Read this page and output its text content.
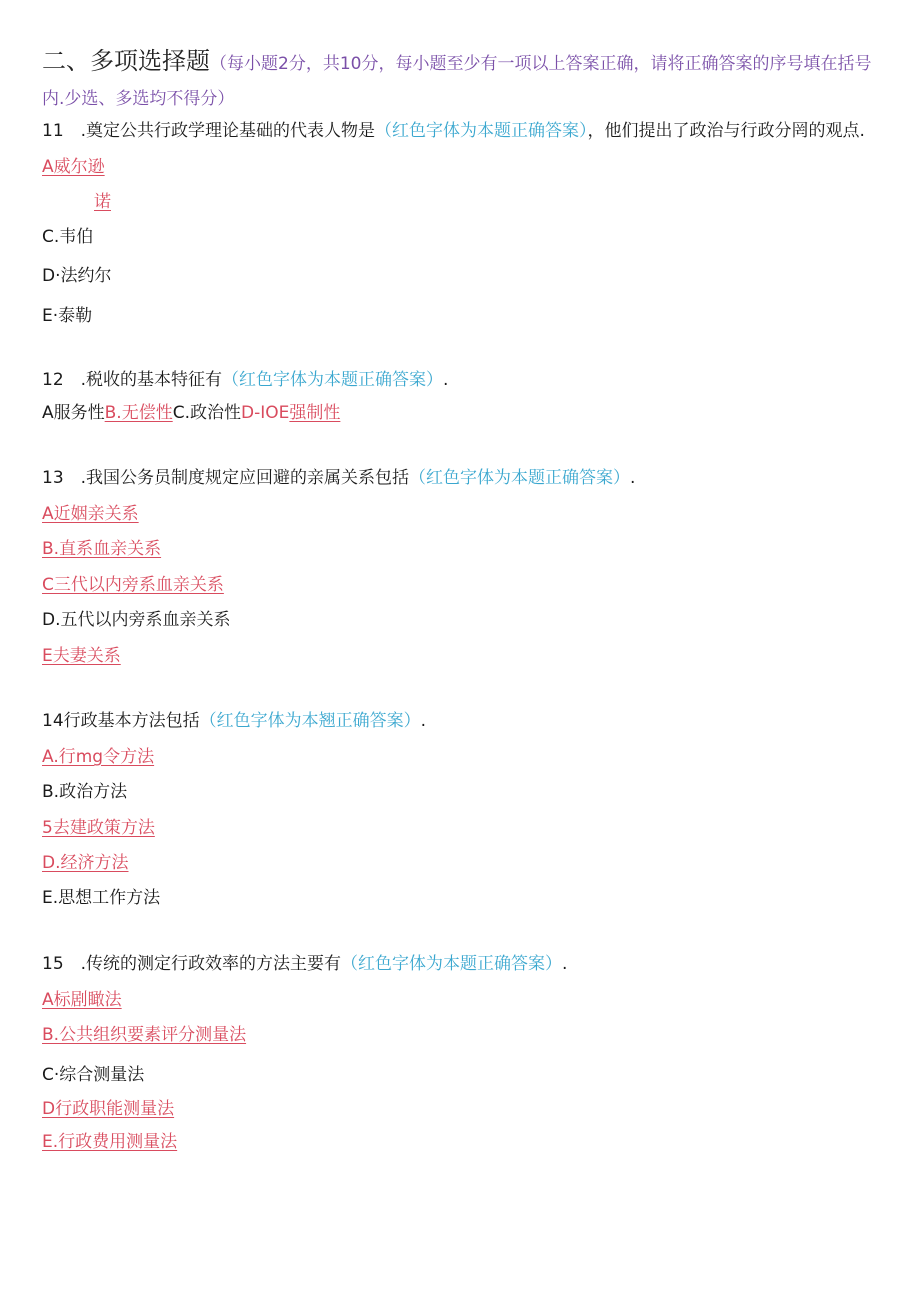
二、多项选择题（每小题2分，共10分，每小题至少有一项以上答案正确，请将正确答案的序号填在括号
内.少选、多选均不得分）
11　.奠定公共行政学理论基础的代表人物是（红色字体为本题正确答案），他们提出了政治与行政分罔的观点.
A威尔逊
诺
C.韦伯
D·法约尔
E·泰勒
12　.税收的基本特征有（红色字体为本题正确答案）.
A服务性B.无偿性C.政治性D-IOE强制性
13　.我国公务员制度规定应回避的亲属关系包括（红色字体为本题正确答案）.
A近姻亲关系
B.直系血亲关系
C三代以内旁系血亲关系
D.五代以内旁系血亲关系
E夫妻关系
14行政基本方法包括（红色字体为本翘正确答案）.
A.行mg令方法
B.政治方法
5去建政策方法
D.经济方法
E.思想工作方法
15　.传统的测定行政效率的方法主要有（红色字体为本题正确答案）.
A标剧瞰法
B.公共组织要素评分测量法
C·综合测量法
D行政职能测量法
E.行政费用测量法
